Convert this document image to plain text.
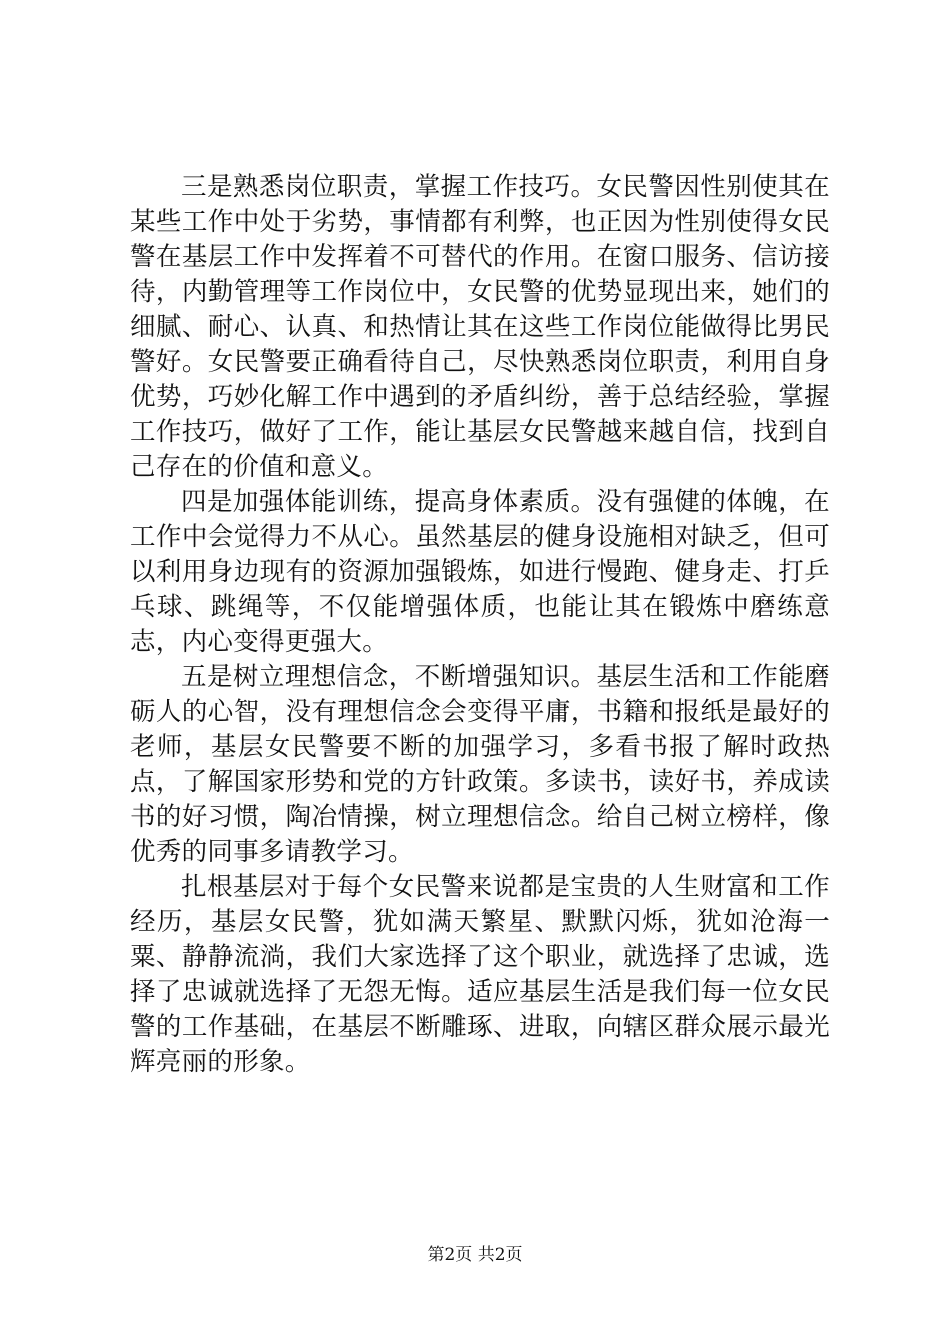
三是熟悉岗位职责，掌握工作技巧。女民警因性别使其在某些工作中处于劣势，事情都有利弊，也正因为性别使得女民警在基层工作中发挥着不可替代的作用。在窗口服务、信访接待，内勤管理等工作岗位中，女民警的优势显现出来，她们的细腻、耐心、认真、和热情让其在这些工作岗位能做得比男民警好。女民警要正确看待自己，尽快熟悉岗位职责，利用自身优势，巧妙化解工作中遇到的矛盾纠纷，善于总结经验，掌握工作技巧，做好了工作，能让基层女民警越来越自信，找到自己存在的价值和意义。

四是加强体能训练，提高身体素质。没有强健的体魄，在工作中会觉得力不从心。虽然基层的健身设施相对缺乏，但可以利用身边现有的资源加强锻炼，如进行慢跑、健身走、打乒乓球、跳绳等，不仅能增强体质，也能让其在锻炼中磨练意志，内心变得更强大。

五是树立理想信念，不断增强知识。基层生活和工作能磨砺人的心智，没有理想信念会变得平庸，书籍和报纸是最好的老师，基层女民警要不断的加强学习，多看书报了解时政热点，了解国家形势和党的方针政策。多读书，读好书，养成读书的好习惯，陶冶情操，树立理想信念。给自己树立榜样，像优秀的同事多请教学习。

扎根基层对于每个女民警来说都是宝贵的人生财富和工作经历，基层女民警，犹如满天繁星、默默闪烁，犹如沧海一粟、静静流淌，我们大家选择了这个职业，就选择了忠诚，选择了忠诚就选择了无怨无悔。适应基层生活是我们每一位女民警的工作基础，在基层不断雕琢、进取，向辖区群众展示最光辉亮丽的形象。

第2页 共2页
